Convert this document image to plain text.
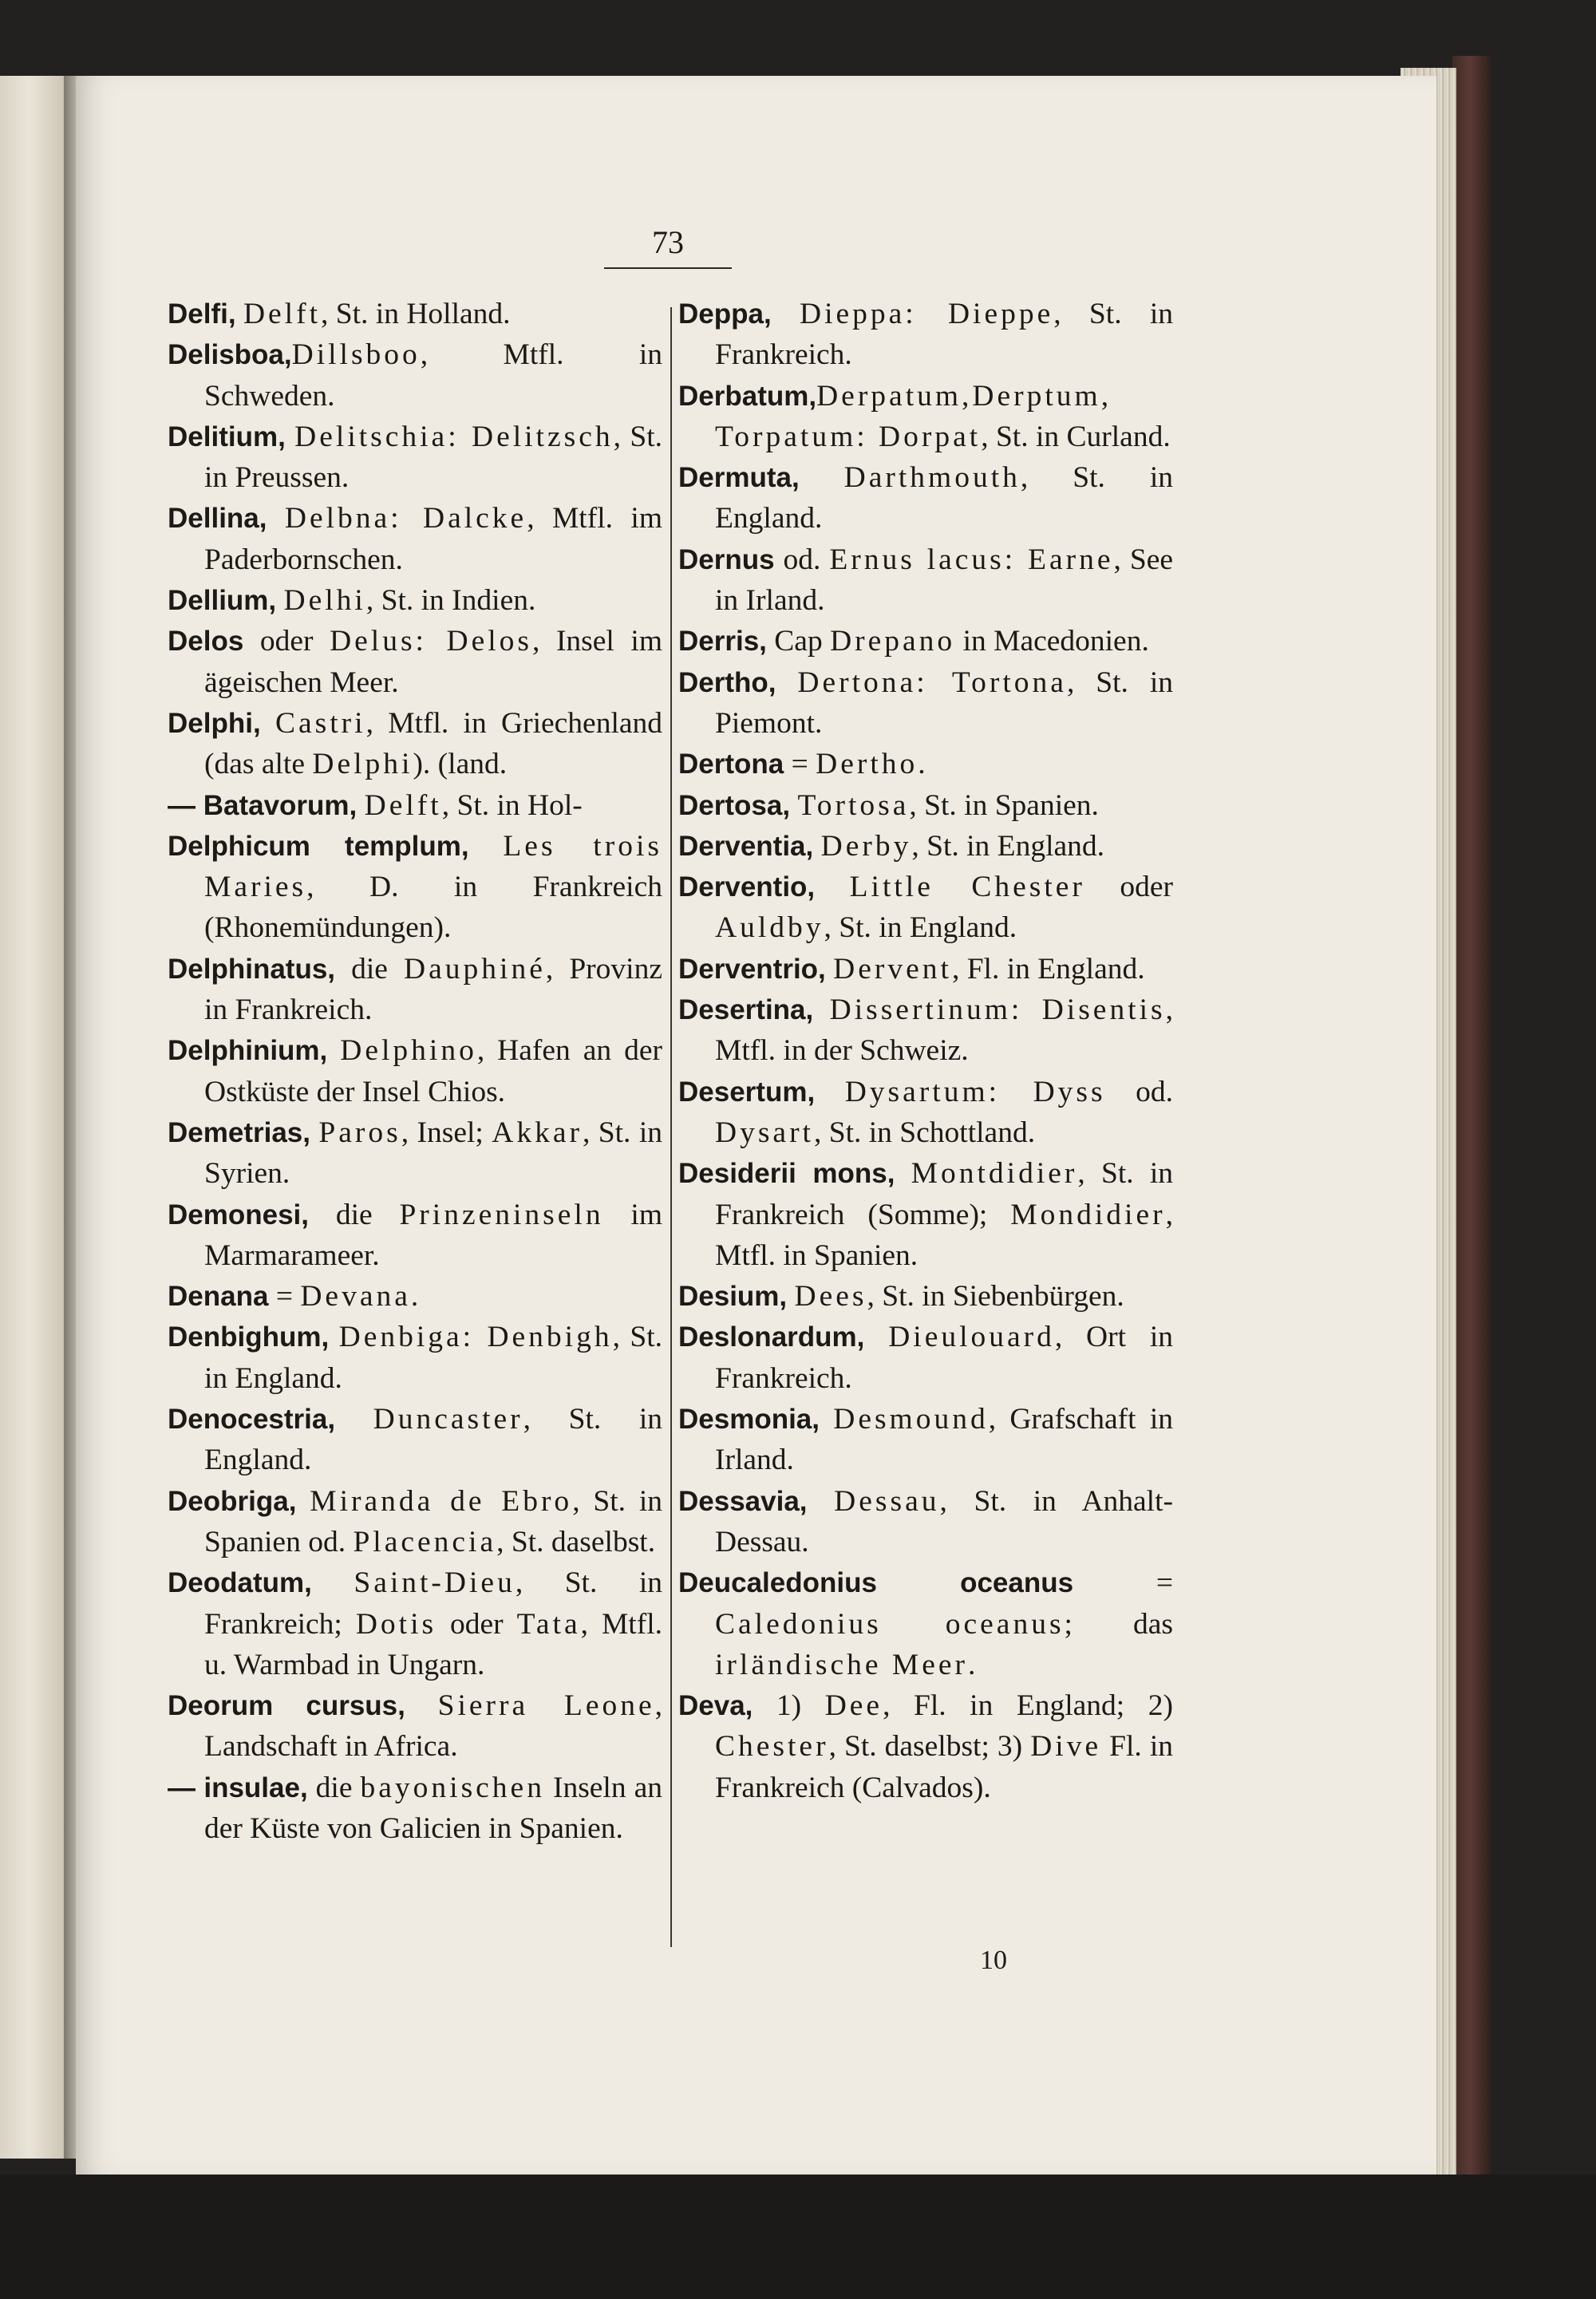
73
Delfi, Delft, St. in Holland.
Delisboa,Dillsboo, Mtfl. in Schweden.
Delitium, Delitschia: Delitzsch, St. in Preussen.
Dellina, Delbna: Dalcke, Mtfl. im Paderbornschen.
Dellium, Delhi, St. in Indien.
Delos oder Delus: Delos, Insel im ägeischen Meer.
Delphi, Castri, Mtfl. in Griechenland (das alte Delphi). (land.
— Batavorum, Delft, St. in Hol-
Delphicum templum, Les trois Maries, D. in Frankreich (Rhonemündungen).
Delphinatus, die Dauphiné, Provinz in Frankreich.
Delphinium, Delphino, Hafen an der Ostküste der Insel Chios.
Demetrias, Paros, Insel; Akkar, St. in Syrien.
Demonesi, die Prinzeninseln im Marmarameer.
Denana = Devana.
Denbighum, Denbiga: Denbigh, St. in England.
Denocestria, Duncaster, St. in England.
Deobriga, Miranda de Ebro, St. in Spanien od. Placencia, St. daselbst.
Deodatum, Saint-Dieu, St. in Frankreich; Dotis oder Tata, Mtfl. u. Warmbad in Ungarn.
Deorum cursus, Sierra Leone, Landschaft in Africa.
— insulae, die bayonischen Inseln an der Küste von Galicien in Spanien.
Deppa, Dieppa: Dieppe, St. in Frankreich.
Derbatum,Derpatum,Derptum, Torpatum: Dorpat, St. in Curland.
Dermuta, Darthmouth, St. in England.
Dernus od. Ernus lacus: Earne, See in Irland.
Derris, Cap Drepano in Macedonien.
Dertho, Dertona: Tortona, St. in Piemont.
Dertona = Dertho.
Dertosa, Tortosa, St. in Spanien.
Derventia, Derby, St. in England.
Derventio, Little Chester oder Auldby, St. in England.
Derventrio, Dervent, Fl. in England.
Desertina, Dissertinum: Disentis, Mtfl. in der Schweiz.
Desertum, Dysartum: Dyss od. Dysart, St. in Schottland.
Desiderii mons, Montdidier, St. in Frankreich (Somme); Mondidier, Mtfl. in Spanien.
Desium, Dees, St. in Siebenbürgen.
Deslonardum, Dieulouard, Ort in Frankreich.
Desmonia, Desmound, Grafschaft in Irland.
Dessavia, Dessau, St. in Anhalt-Dessau.
Deucaledonius oceanus = Caledonius oceanus; das irländische Meer.
Deva, 1) Dee, Fl. in England; 2) Chester, St. daselbst; 3) Dive Fl. in Frankreich (Calvados).
10
